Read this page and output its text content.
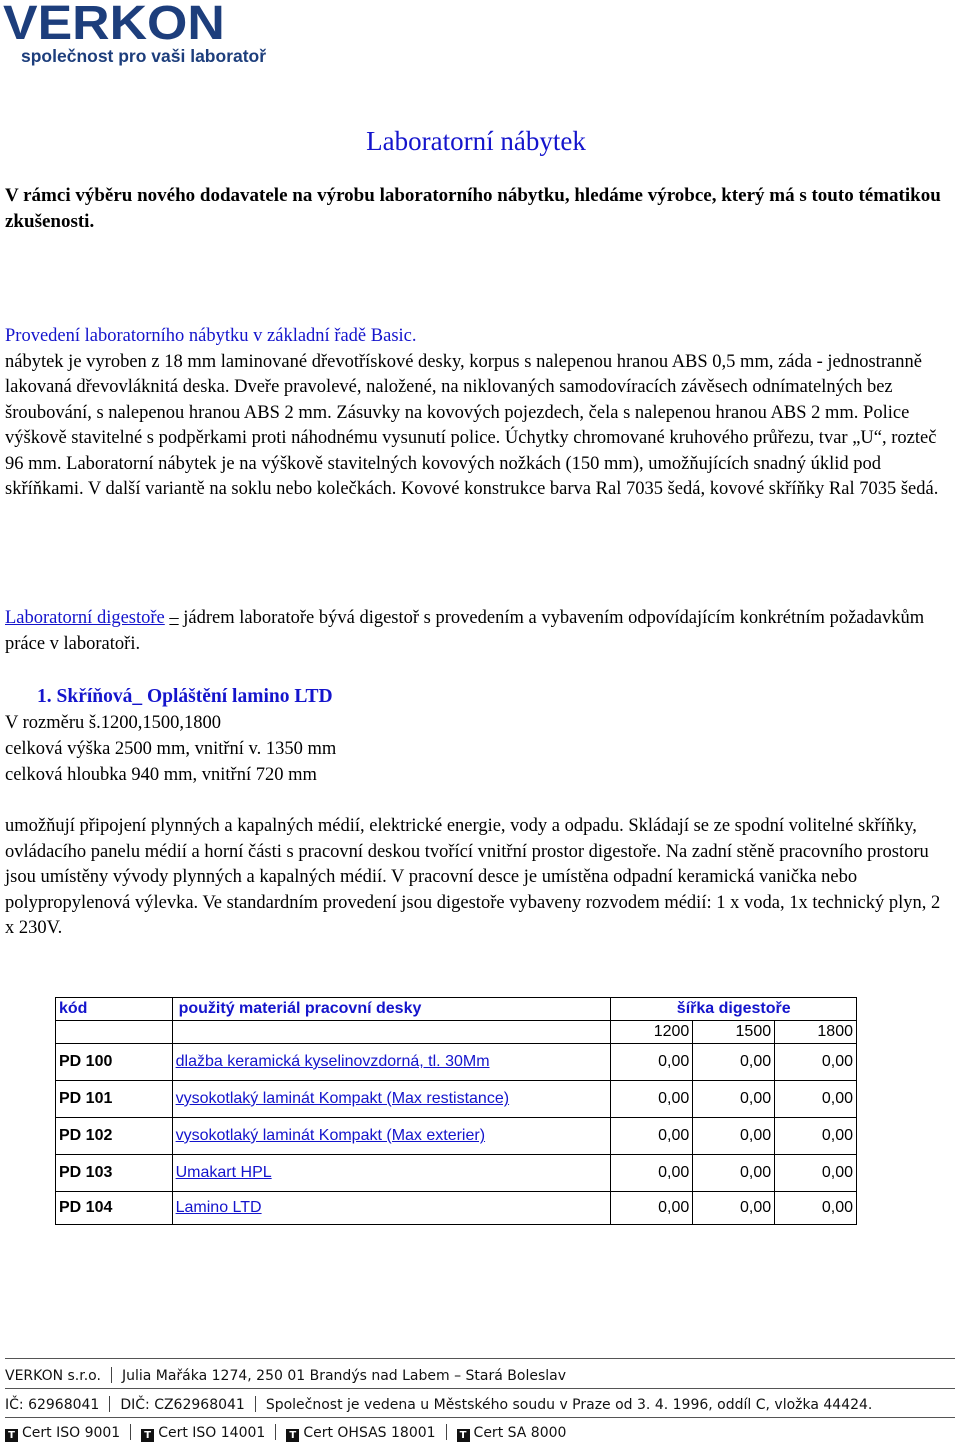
VERKON
společnost pro vaši laboratoř
Laboratorní nábytek
V rámci výběru nového dodavatele na výrobu laboratorního nábytku, hledáme výrobce, který má s touto tématikou zkušenosti.
Provedení laboratorního nábytku v základní řadě Basic.
nábytek je vyroben z 18 mm laminované dřevotřískové desky, korpus s nalepenou hranou ABS 0,5 mm, záda - jednostranně lakovaná dřevovláknitá deska. Dveře pravolevé, naložené, na niklovaných samodovíracích závěsech odnímatelných bez šroubování, s nalepenou hranou ABS 2 mm. Zásuvky na kovových pojezdech, čela s nalepenou hranou ABS 2 mm. Police výškově stavitelné s podpěrkami proti náhodnému vysunutí police. Úchytky chromované kruhového průřezu, tvar „U“, rozteč 96 mm. Laboratorní nábytek je na výškově stavitelných kovových nožkách (150 mm), umožňujících snadný úklid pod skříňkami. V další variantě na soklu nebo kolečkách. Kovové konstrukce barva Ral 7035 šedá, kovové skříňky Ral 7035 šedá.
Laboratorní digestoře – jádrem laboratoře bývá digestoř s provedením a vybavením odpovídajícím konkrétním požadavkům práce v laboratoři.
1. Skříňová_ Opláštění lamino LTD
V rozměru š.1200,1500,1800
celková výška 2500 mm, vnitřní v. 1350 mm
celková hloubka 940 mm, vnitřní 720 mm
umožňují připojení plynných a kapalných médií, elektrické energie, vody a odpadu. Skládají se ze spodní volitelné skříňky, ovládacího panelu médií a horní části s pracovní deskou tvořící vnitřní prostor digestoře. Na zadní stěně pracovního prostoru jsou umístěny vývody plynných a kapalných médií. V pracovní desce je umístěna odpadní keramická vanička nebo polypropylenová výlevka. Ve standardním provedení jsou digestoře vybaveny rozvodem médií: 1 x voda, 1x technický plyn, 2 x 230V.
kód	použitý materiál pracovní desky	šířka digestoře		
		1200	1500	1800
PD 100	dlažba keramická kyselinovzdorná, tl. 30Mm	0,00	0,00	0,00
PD 101	vysokotlaký laminát Kompakt (Max restistance)	0,00	0,00	0,00
PD 102	vysokotlaký laminát Kompakt (Max exterier)	0,00	0,00	0,00
PD 103	Umakart HPL	0,00	0,00	0,00
PD 104	Lamino LTD	0,00	0,00	0,00
VERKON s.r.o. Julia Mařáka 1274, 250 01 Brandýs nad Labem – Stará Boleslav
IČ: 62968041 DIČ: CZ62968041 Společnost je vedena u Městského soudu v Praze od 3. 4. 1996, oddíl C, vložka 44424.
T Cert ISO 9001 T Cert ISO 14001 T Cert OHSAS 18001 T Cert SA 8000
